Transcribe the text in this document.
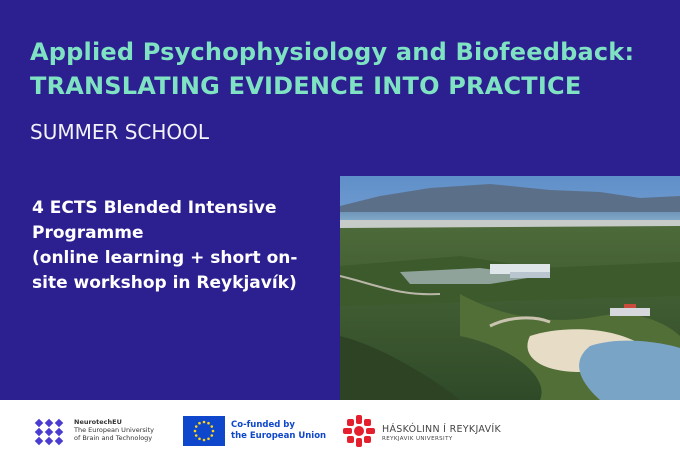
Applied Psychophysiology and Biofeedback:
TRANSLATING EVIDENCE INTO PRACTICE
SUMMER SCHOOL
4 ECTS Blended Intensive
Programme
(online learning + short on-
site workshop in Reykjavík)
NeurotechEU
The European University
of Brain and Technology
Co-funded by
the European Union
HÁSKÓLINN Í REYKJAVÍK
REYKJAVIK UNIVERSITY
